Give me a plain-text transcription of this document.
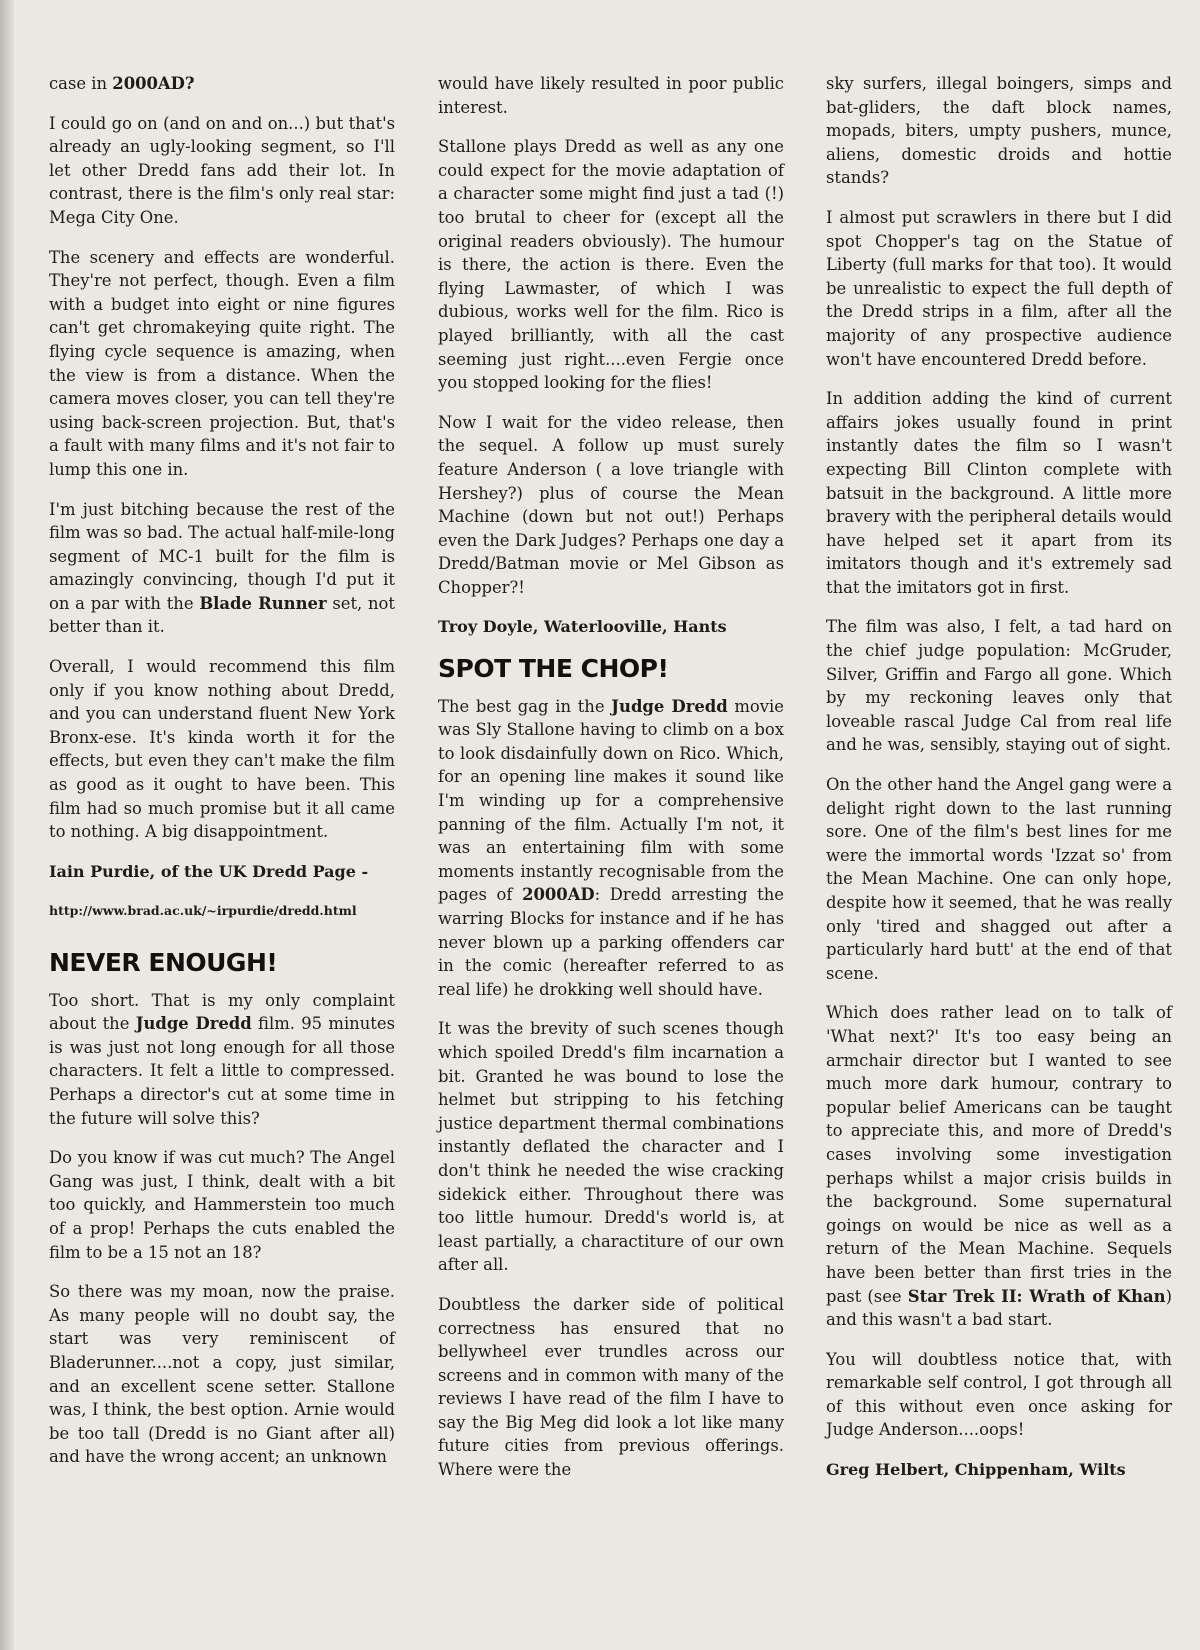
case in 2000AD?

I could go on (and on and on...) but that's already an ugly-looking segment, so I'll let other Dredd fans add their lot. In contrast, there is the film's only real star: Mega City One.

The scenery and effects are wonderful. They're not perfect, though. Even a film with a budget into eight or nine figures can't get chromakeying quite right. The flying cycle sequence is amazing, when the view is from a distance. When the camera moves closer, you can tell they're using back-screen projection. But, that's a fault with many films and it's not fair to lump this one in.

I'm just bitching because the rest of the film was so bad. The actual half-mile-long segment of MC-1 built for the film is amazingly convincing, though I'd put it on a par with the Blade Runner set, not better than it.

Overall, I would recommend this film only if you know nothing about Dredd, and you can understand fluent New York Bronx-ese. It's kinda worth it for the effects, but even they can't make the film as good as it ought to have been. This film had so much promise but it all came to nothing. A big disappointment.

Iain Purdie, of the UK Dredd Page -
http://www.brad.ac.uk/~irpurdie/dredd.html
NEVER ENOUGH!

Too short. That is my only complaint about the Judge Dredd film. 95 minutes is was just not long enough for all those characters. It felt a little to compressed. Perhaps a director's cut at some time in the future will solve this?

Do you know if was cut much? The Angel Gang was just, I think, dealt with a bit too quickly, and Hammerstein too much of a prop! Perhaps the cuts enabled the film to be a 15 not an 18?

So there was my moan, now the praise. As many people will no doubt say, the start was very reminiscent of Bladerunner....not a copy, just similar, and an excellent scene setter. Stallone was, I think, the best option. Arnie would be too tall (Dredd is no Giant after all) and have the wrong accent; an unknown

would have likely resulted in poor public interest.

Stallone plays Dredd as well as any one could expect for the movie adaptation of a character some might find just a tad (!) too brutal to cheer for (except all the original readers obviously). The humour is there, the action is there. Even the flying Lawmaster, of which I was dubious, works well for the film. Rico is played brilliantly, with all the cast seeming just right....even Fergie once you stopped looking for the flies!

Now I wait for the video release, then the sequel. A follow up must surely feature Anderson ( a love triangle with Hershey?) plus of course the Mean Machine (down but not out!) Perhaps even the Dark Judges? Perhaps one day a Dredd/Batman movie or Mel Gibson as Chopper?!

Troy Doyle, Waterlooville, Hants
SPOT THE CHOP!

The best gag in the Judge Dredd movie was Sly Stallone having to climb on a box to look disdainfully down on Rico. Which, for an opening line makes it sound like I'm winding up for a comprehensive panning of the film. Actually I'm not, it was an entertaining film with some moments instantly recognisable from the pages of 2000AD: Dredd arresting the warring Blocks for instance and if he has never blown up a parking offenders car in the comic (hereafter referred to as real life) he drokking well should have.

It was the brevity of such scenes though which spoiled Dredd's film incarnation a bit. Granted he was bound to lose the helmet but stripping to his fetching justice department thermal combinations instantly deflated the character and I don't think he needed the wise cracking sidekick either. Throughout there was too little humour. Dredd's world is, at least partially, a charactiture of our own after all.

Doubtless the darker side of political correctness has ensured that no bellywheel ever trundles across our screens and in common with many of the reviews I have read of the film I have to say the Big Meg did look a lot like many future cities from previous offerings. Where were the

sky surfers, illegal boingers, simps and bat-gliders, the daft block names, mopads, biters, umpty pushers, munce, aliens, domestic droids and hottie stands?

I almost put scrawlers in there but I did spot Chopper's tag on the Statue of Liberty (full marks for that too). It would be unrealistic to expect the full depth of the Dredd strips in a film, after all the majority of any prospective audience won't have encountered Dredd before.

In addition adding the kind of current affairs jokes usually found in print instantly dates the film so I wasn't expecting Bill Clinton complete with batsuit in the background. A little more bravery with the peripheral details would have helped set it apart from its imitators though and it's extremely sad that the imitators got in first.

The film was also, I felt, a tad hard on the chief judge population: McGruder, Silver, Griffin and Fargo all gone. Which by my reckoning leaves only that loveable rascal Judge Cal from real life and he was, sensibly, staying out of sight.

On the other hand the Angel gang were a delight right down to the last running sore. One of the film's best lines for me were the immortal words 'Izzat so' from the Mean Machine. One can only hope, despite how it seemed, that he was really only 'tired and shagged out after a particularly hard butt' at the end of that scene.

Which does rather lead on to talk of 'What next?' It's too easy being an armchair director but I wanted to see much more dark humour, contrary to popular belief Americans can be taught to appreciate this, and more of Dredd's cases involving some investigation perhaps whilst a major crisis builds in the background. Some supernatural goings on would be nice as well as a return of the Mean Machine. Sequels have been better than first tries in the past (see Star Trek II: Wrath of Khan) and this wasn't a bad start.

You will doubtless notice that, with remarkable self control, I got through all of this without even once asking for Judge Anderson....oops!

Greg Helbert, Chippenham, Wilts
